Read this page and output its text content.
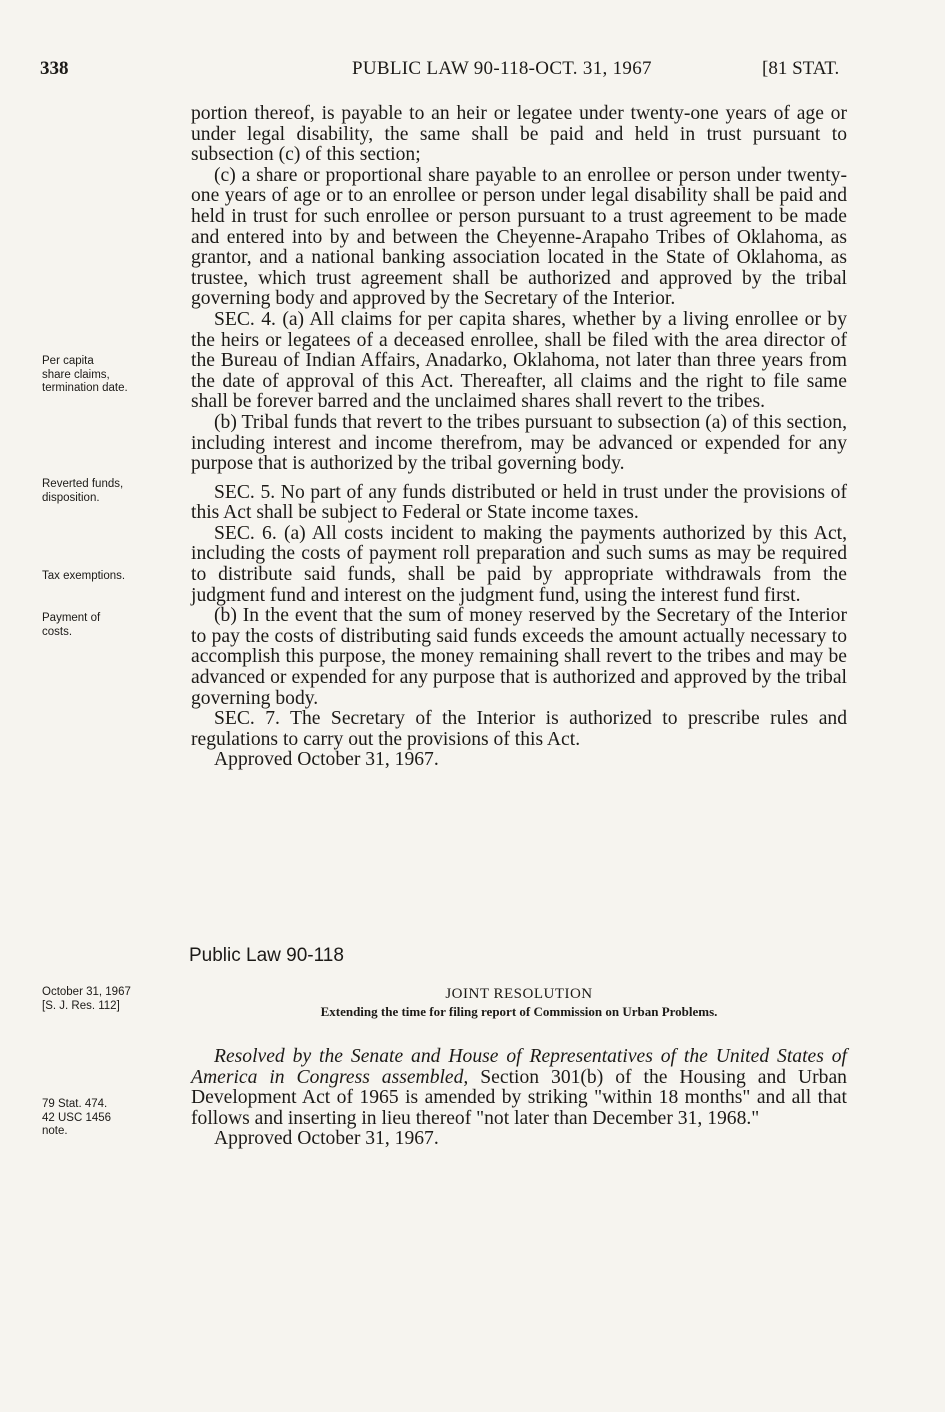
338	PUBLIC LAW 90-118-OCT. 31, 1967	[81 STAT.

portion thereof, is payable to an heir or legatee under twenty-one years of age or under legal disability, the same shall be paid and held in trust pursuant to subsection (c) of this section;

(c) a share or proportional share payable to an enrollee or person under twenty-one years of age or to an enrollee or person under legal disability shall be paid and held in trust for such enrollee or person pursuant to a trust agreement to be made and entered into by and between the Cheyenne-Arapaho Tribes of Oklahoma, as grantor, and a national banking association located in the State of Oklahoma, as trustee, which trust agreement shall be authorized and approved by the tribal governing body and approved by the Secretary of the Interior.

SEC. 4. (a) All claims for per capita shares, whether by a living enrollee or by the heirs or legatees of a deceased enrollee, shall be filed with the area director of the Bureau of Indian Affairs, Anadarko, Oklahoma, not later than three years from the date of approval of this Act. Thereafter, all claims and the right to file same shall be forever barred and the unclaimed shares shall revert to the tribes.

(b) Tribal funds that revert to the tribes pursuant to subsection (a) of this section, including interest and income therefrom, may be advanced or expended for any purpose that is authorized by the tribal governing body.

SEC. 5. No part of any funds distributed or held in trust under the provisions of this Act shall be subject to Federal or State income taxes.

SEC. 6. (a) All costs incident to making the payments authorized by this Act, including the costs of payment roll preparation and such sums as may be required to distribute said funds, shall be paid by appropriate withdrawals from the judgment fund and interest on the judgment fund, using the interest fund first.

(b) In the event that the sum of money reserved by the Secretary of the Interior to pay the costs of distributing said funds exceeds the amount actually necessary to accomplish this purpose, the money remaining shall revert to the tribes and may be advanced or expended for any purpose that is authorized and approved by the tribal governing body.

SEC. 7. The Secretary of the Interior is authorized to prescribe rules and regulations to carry out the provisions of this Act.

Approved October 31, 1967.

Per capita
share claims,
termination date.
Reverted funds,
disposition.
Tax exemptions.
Payment of
costs.
Public Law 90-118
October 31, 1967
[S. J. Res. 112]
JOINT RESOLUTION
Extending the time for filing report of Commission on Urban Problems.

Resolved by the Senate and House of Representatives of the United States of America in Congress assembled, Section 301(b) of the Housing and Urban Development Act of 1965 is amended by striking "within 18 months" and all that follows and inserting in lieu thereof "not later than December 31, 1968."

Approved October 31, 1967.

79 Stat. 474.
42 USC 1456
note.
